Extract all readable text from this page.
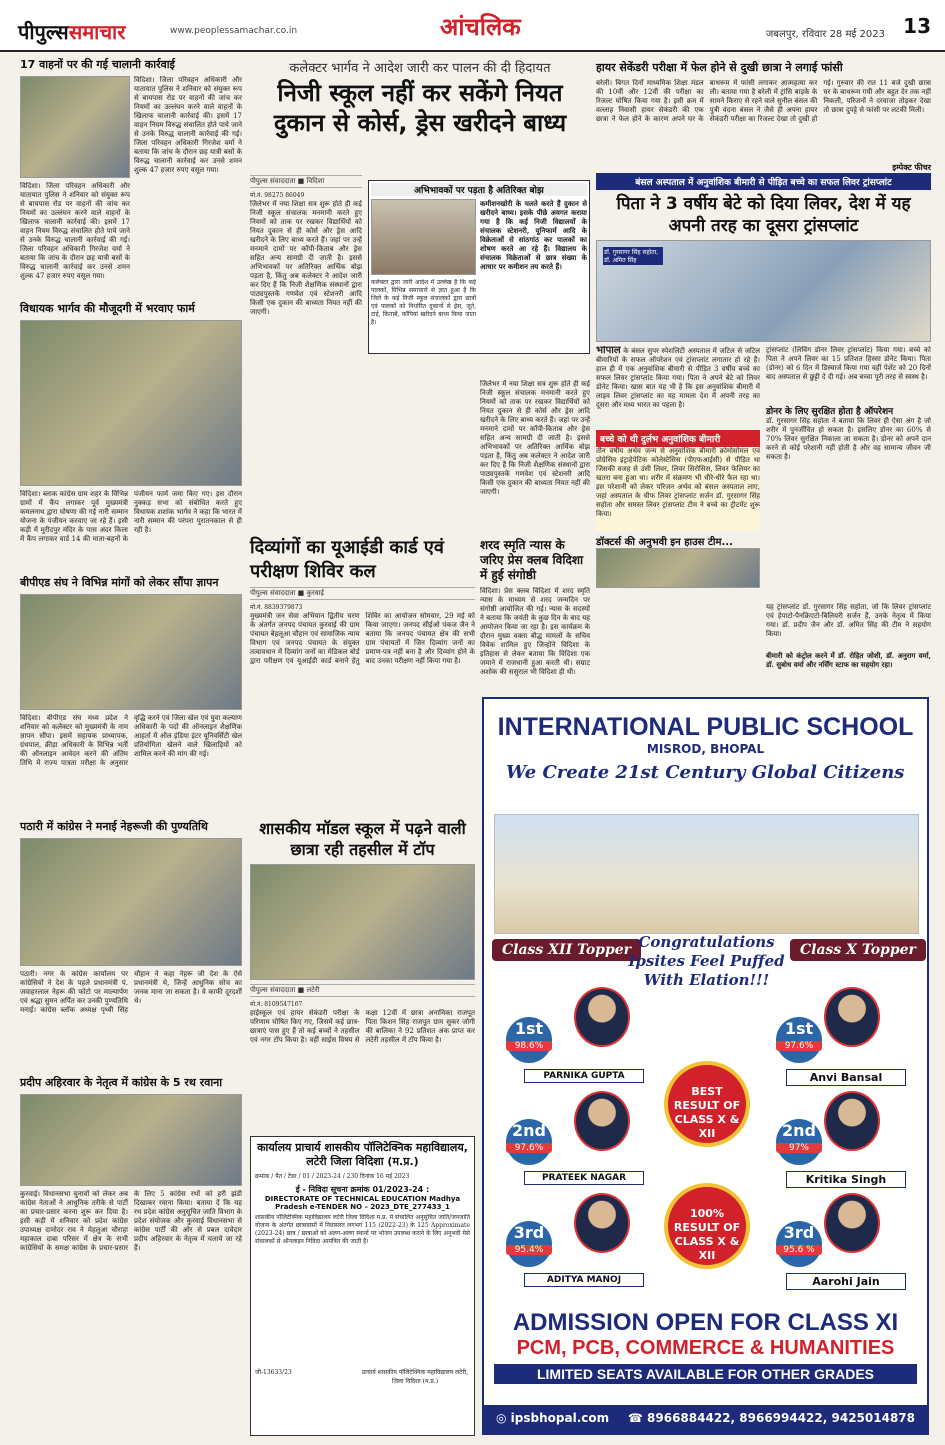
पीपुल्ससमाचार	www.peoplessamachar.co.in	आंचलिक	जबलपुर, रविवार 28 मई 2023 13
17 वाहनों पर की गई चालानी कार्रवाई
विदिशा। जिला परिवहन अधिकारी और यातायात पुलिस ने शनिवार को संयुक्त रूप से बायपास रोड पर वाहनों की जांच कर नियमों का उल्लंघन करने वाले वाहनों के खिलाफ चालानी कार्रवाई की। इसमें 17 वाहन नियम विरुद्ध संचालित होते पाये जाने से उनके विरुद्ध चालानी कार्रवाई की गई। जिला परिवहन अधिकारी गिरजेश वर्मा ने बताया कि जांच के दौरान छह यात्री बसों के विरुद्ध चालानी कार्रवाई कर उनसे शमन शुल्क 47 हजार रुपए वसूल गया।
विदिशा। जिला परिवहन अधिकारी और यातायात पुलिस ने शनिवार को संयुक्त रूप से बायपास रोड पर वाहनों की जांच कर नियमों का उल्लंघन करने वाले वाहनों के खिलाफ चालानी कार्रवाई की। इसमें 17 वाहन नियम विरुद्ध संचालित होते पाये जाने से उनके विरुद्ध चालानी कार्रवाई की गई। जिला परिवहन अधिकारी गिरजेश वर्मा ने बताया कि जांच के दौरान छह यात्री बसों के विरुद्ध चालानी कार्रवाई कर उनसे शमन शुल्क 47 हजार रुपए वसूल गया।
विधायक भार्गव की मौजूदगी में भरवाए फार्म
विदिशा। ब्लाक कांग्रेस ग्राम शहर के विभिन्न ग्रामों में कैंप लगाकर पूर्व मुख्यमंत्री कमलनाथ द्वारा घोषणा की गई नारी सम्मान योजना के पंजीयन करवाए जा रहे हैं। इसी कड़ी में मुरीदपुर मंदिर के पास अंदर किला में कैंप लगाकर वार्ड 14 की माता-बहनों के पंजीयन फार्म जमा किए गए। इस दौरान नुक्कड़ सभा को संबोधित करते हुए विधायक शशांक भार्गव ने कहा कि भारत में नारी सम्मान की परंपरा पुरातनकाल से ही रही है।
बीपीएड संघ ने विभिन्न मांगों को लेकर सौंपा ज्ञापन
विदिशा। बीपीएड संघ मध्य प्रदेश ने शनिवार को कलेक्टर को मुख्यमंत्री के नाम ज्ञापन सौंपा। इसमें सहायक प्राध्यापक, ग्रंथपाल, क्रीड़ा अधिकारी के विभिन्न भर्ती की ऑनलाइन आवेदन करने की अंतिम तिथि में राज्य पात्रता परीक्षा के अनुसार वृद्धि करने एवं जिला खेल एवं युवा कल्याण अधिकारी के पदों की ऑनलाइन शैक्षणिक आहर्ता में ऑल इंडिया इंटर यूनिवर्सिटी खेल प्रतियोगिता खेलने वाले खिलाड़ियों को शामिल करने की मांग की गई।
पठारी में कांग्रेस ने मनाई नेहरूजी की पुण्यतिथि
पठारी। नगर के कांग्रेस कार्यालय पर कांग्रेसियों ने देश के पहले प्रधानमंत्री पं. जवाहरलाल नेहरू की फोटो पर माल्यार्पण एवं श्रद्धा सुमन अर्पित कर उनकी पुण्यतिथि मनाई। कांग्रेस ब्लॉक अध्यक्ष पृथ्वी सिंह चौहान ने कहा नेहरू जी देश के ऐसे प्रधानमंत्री थे, जिन्हें आधुनिक सोच का जनक माना जा सकता है। वे काफी दूरदर्शी थे।
प्रदीप अहिरवार के नेतृत्व में कांग्रेस के 5 रथ रवाना
कुरवाई। विधानसभा चुनावों को लेकर अब कांग्रेस नेताओं ने आधुनिक तरीके से पार्टी का प्रचार-प्रसार करना शुरू कर दिया है। इसी कड़ी में शनिवार को प्रदेश कांग्रेस उपाध्यक्ष दामोदर राव ने मेहलुआ चौराहा महाकाल दाबा परिसर में क्षेत्र के सभी कांग्रेसियों के समक्ष कांग्रेस के प्रचार-प्रसार के लिए 5 कांग्रेस रथों को हरी झंडी दिखाकर रवाना किया। बताया दें कि यह रथ प्रदेश कांग्रेस अनुसूचित जाति विभाग के प्रदेश संयोजक और कुरवाई विधानसभा से कांग्रेस पार्टी की ओर से प्रबल दावेदार प्रदीप अहिरवार के नेतृत्व में चलाये जा रहे हैं।
कलेक्टर भार्गव ने आदेश जारी कर पालन की दी हिदायत
निजी स्कूल नहीं कर सकेंगे नियत दुकान से कोर्स, ड्रेस खरीदने बाध्य
पीपुल्स संवाददाता ■ विदिशा
मो.नं. 98275 86049
जिलेभर में नया शिक्षा सत्र शुरू होते ही कई निजी स्कूल संचालक मनमानी करते हुए नियमों को ताक पर रखकर विद्यार्थियों को नियत दुकान से ही कोर्स और ड्रेस आदि खरीदने के लिए बाध्य करते हैं। जहां पर उन्हें मनमाने दामों पर कॉपी-किताब और ड्रेस सहित अन्य सामग्री दी जाती है। इससे अभिभावकों पर अतिरिक्त आर्थिक बोझ पड़ता है, किंतु अब कलेक्टर ने आदेश जारी कर दिए हैं कि निजी शैक्षणिक संस्थानों द्वारा पाठ्यपुस्तकें गणवेश एवं स्टेशनरी आदि किसी एक दुकान की बाध्यता नियत नहीं की जाएगी।
अभिभावकों पर पड़ता है अतिरिक्त बोझ
कलेक्टर द्वारा जारी आदेश में उल्लेख है कि कई पालकों, विभिन्न समाचारों से ज्ञात हुआ है कि जिले के कई निजी स्कूल संचालकों द्वारा छात्रों एवं पालकों को निर्धारित दुकानों से ड्रेस, जूते, टाई, किताबें, कॉपियां खरीदने बाध्य किया जाता है।
कमीशनखोरी के चलते करते हैं दुकान से खरीदने बाध्य। इसके पीछे अवगत कराया गया है कि कई निजी विद्यालयों के संचालक स्टेशनरी, यूनिफार्म आदि के विक्रेताओं से सांठगांठ कर पालकों का शोषण करते आ रहे हैं। विद्यालय के संचालक विक्रेताओं से छात्र संख्या के आधार पर कमीशन तय करते हैं।
दिव्यांगों का यूआईडी कार्ड एवं परीक्षण शिविर कल
पीपुल्स संवाददाता ■ कुरवाई
मो.नं. 8839379873
मुख्यमंत्री जन सेवा अभियान द्वितीय चरण के अंतर्गत जनपद पंचायत कुरवाई की ग्राम पंचायत बेहलूआ चौहान एवं सामाजिक न्याय विभाग एवं जनपद पंचायत के संयुक्त तत्वावधान में दिव्यांग जनों का मेडिकल बोर्ड द्वारा परीक्षण एवं यूआईडी कार्ड बनाने हेतु शिविर का आयोजन सोमवार, 29 मई को किया जाएगा। जनपद सीईओ पंकज जैन ने बताया कि जनपद पंचायत क्षेत्र की सभी ग्राम पंचायतों में जिन दिव्यांग जनों का प्रमाण-पत्र नहीं बना है और दिव्यांग होने के बाद उनका परीक्षण नहीं किया गया है।
शासकीय मॉडल स्कूल में पढ़ने वाली छात्रा रही तहसील में टॉप
पीपुल्स संवाददाता ■ लटेरी
मो.नं. 8109547167
हाईस्कूल एवं हायर सेकंडरी परीक्षा के परिणाम घोषित किए गए, जिसमें कई छात्र-छात्राएं पास हुए हैं तो कई बच्चों ने तहसील एवं नगर टॉप किया है। वहीं साईस विषय से कक्षा 12वीं में छात्रा अनामिका राजपूत पिता किशन सिंह राजपूत ग्राम सुकर जोगी की बालिका ने 92 प्रतिशत अंक प्राप्त कर लटेरी तहसील में टॉप किया है।
कार्यालय प्राचार्य शासकीय पॉलिटेक्निक महाविद्यालय, लटेरी जिला विदिशा (म.प्र.)
क्रमांक / पैत / टेंडर / 01 / 2023-24 / 230 दिनांक 16 मई 2023
ई - निविदा सूचना क्रमांक 01/2023-24 :
DIRECTORATE OF TECHNICAL EDUCATION Madhya Pradesh e-TENDER NO – 2023_DTE_277433_1
शासकीय पॉलिटेक्निक महाविद्यालय लटेरी जिला विदिशा म.प्र. मे संचालित अनुसूचित जाति/जनजाति योजना के अंतर्गत छात्रावासों में निवासरत लगभग 115 (2022-23) के 125 Approximate (2023-24) छात्र / छात्राओं को अलग-अलग स्थानों पर भोजन उपलब्ध कराने के लिए अनुभवी मेसे संचालकों से ऑनलाइन निविदा आमंत्रित की जाती है।
जी-13633/23	प्राचार्य शासकीय पॉलिटेक्निक महाविद्यालय लटेरी, जिला विदिशा (म.प्र.)
जिलेभर में नया शिक्षा सत्र शुरू होते ही कई निजी स्कूल संचालक मनमानी करते हुए नियमों को ताक पर रखकर विद्यार्थियों को नियत दुकान से ही कोर्स और ड्रेस आदि खरीदने के लिए बाध्य करते हैं। जहां पर उन्हें मनमाने दामों पर कॉपी-किताब और ड्रेस सहित अन्य सामग्री दी जाती है। इससे अभिभावकों पर अतिरिक्त आर्थिक बोझ पड़ता है, किंतु अब कलेक्टर ने आदेश जारी कर दिए हैं कि निजी शैक्षणिक संस्थानों द्वारा पाठ्यपुस्तकें गणवेश एवं स्टेशनरी आदि किसी एक दुकान की बाध्यता नियत नहीं की जाएगी।
शरद स्मृति न्यास के जरिए प्रेस क्लब विदिशा में हुई संगोष्ठी
विदिशा। प्रेस क्लब विदिशा में शरद स्मृति न्यास के माध्यम से शरद जन्मदिन पर संगोष्ठी आयोजित की गई। न्यास के सदस्यों ने बताया कि जयंती के कुछ दिन के बाद यह आयोजन किया जा रहा है। इस कार्यक्रम के दौरान मुख्य वक्ता बौद्ध मामलों के सचिव विवेक शामिल हुए जिन्होंने विदिशा के इतिहास से लेकर बताया कि विदिशा एक जमाने में राजधानी हुआ करती थी। सम्राट अशोक की ससुराल भी विदिशा ही थी।
हायर सेकेंडरी परीक्षा में फेल होने से दुखी छात्रा ने लगाई फांसी
बरेली। बिगत दिनों माध्यमिक शिक्षा मंडल की 10वीं और 12वीं की परीक्षा का रिजल्ट घोषित किया गया है। इसी क्रम में वल्लाह निवासी हायर सेकंडरी की एक छात्रा ने फेल होने के कारण अपने घर के बाथरूम में फांसी लगाकर आत्महत्या कर ली। बताया गया है बरेली में ट्रांसि बाड़के के सामने किराए से रहने वाले सुनील बंसल की पुत्री वंदना बंसल ने जैसे ही अपना हायर सेकंडरी परीक्षा का रिजल्ट देखा तो दुखी हो गई। गुरुवार की रात 11 बजे दुखी छात्रा घर के बाथरूम गयी और बहुत देर तक नहीं निकली, परिजनों ने दरवाजा तोड़कर देखा तो छात्रा दुपट्टे से फांसी पर लटकी मिली।
इम्पेक्ट फीचर
बंसल अस्पताल में अनुवांशिक बीमारी से पीड़ित बच्चे का सफल लिवर ट्रांसप्लांट
पिता ने 3 वर्षीय बेटे को दिया लिवर, देश में यह अपनी तरह का दूसरा ट्रांसप्लांट
डॉ. गुरसागर सिंह सहोता, डॉ. अमित सिंह
भोपाल के बंसल सुपर स्पेशलिटी अस्पताल में जटिल से जटिल बीमारियों के सफल ऑपरेशन एवं ट्रांसप्लांट लगातार हो रहे हैं। हाल ही में एक अनुवांशिक बीमारी से पीड़ित 3 वर्षीय बच्चे का सफल लिवर ट्रांसप्लांट किया गया। पिता ने अपने बेटे को लिवर डोनेट किया। खास बात यह भी है कि इस अनुवांशिक बीमारी में लाइव लिवर ट्रांसप्लांट का यह मामला देश में अपनी तरह का दूसरा और मध्य भारत का पहला है।
बच्चे को थी दुर्लभ अनुवांशिक बीमारी
तीन वर्षीय अर्थव जन्म से अनुवांशिक बीमारी क्रोमोसोमल एवं प्रोग्रेसिव इंट्राहेपेटिक कोलेस्टेसिस (पीएफआईसी) से पीड़ित था जिसकी वजह से उसी लिवर, लिवर सिरोसिस, लिवर फेलियर का खतरा बना हुआ था। शरीर में संक्रमण भी धीरे-धीरे फैल रहा था। इस परेशानी को लेकर परिजन अर्थव को बंसल अस्पताल लाए, जहां अस्पताल के चीफ लिवर ट्रांसप्लांट सर्जन डॉ. गुरसागर सिंह सहोता और समस्त लिवर ट्रांसप्लांट टीम ने बच्चे का ट्रीटमेंट शुरू किया।
डॉक्टर्स की अनुभवी इन हाउस टीम...
ट्रांसप्लांट (लिविंग डोनर लिवर ट्रांसप्लांट) किया गया। बच्चे को पिता ने अपने लिवर का 15 प्रतिशत हिस्सा डोनेट किया। पिता (डोनर) को 6 दिन में डिस्चार्ज किया गया वहीं पेशेंट को 20 दिनों बाद अस्पताल से छुट्टी दे दी गई। अब बच्चा पूरी तरह से स्वस्थ है।
डोनर के लिए सुरक्षित होता है ऑपरेशन
डॉ. गुरसागर सिंह सहोता ने बताया कि लिवर ही ऐसा अंग है जो शरीर में पुनर्जीवित हो सकता है। इसलिए डोनर का 60% से 70% लिवर सुरक्षित निकाला जा सकता है। डोनर को अपने दान करने से कोई परेशानी नहीं होती है और वह सामान्य जीवन जी सकता है।
यह ट्रांसप्लांट डॉ. गुरसागर सिंह सहोता, जो कि लिवर ट्रांसप्लांट एवं हेपाटो-पैनक्रिएटो-बिलियरी सर्जन हैं, उनके नेतृत्व में किया गया। डॉ. प्रदीप जैन और डॉ. अमित सिंह की टीम ने सहयोग किया।
बीमारी को कंट्रोल करने में डॉ. रोहित जोशी, डॉ. अनुराग वर्मा, डॉ. सुबोध वर्मा और नर्सिंग स्टाफ का सहयोग रहा।
INTERNATIONAL PUBLIC SCHOOL
MISROD, BHOPAL
We Create 21st Century Global Citizens
Class XII Topper	Class X Topper
Congratulations Ipsites Feel Puffed With Elation!!!
1st
98.6%
PARNIKA GUPTA
2nd
97.6%
PRATEEK NAGAR
3rd
95.4%
ADITYA MANOJ
BEST RESULT OF CLASS X & XII
100% RESULT OF CLASS X & XII
1st
97.6%
Anvi Bansal
2nd
97%
Kritika Singh
3rd
95.6 %
Aarohi Jain
ADMISSION OPEN FOR CLASS XI
PCM, PCB, COMMERCE & HUMANITIES
LIMITED SEATS AVAILABLE FOR OTHER GRADES
◎ ipsbhopal.com ☎ 8966884422, 8966994422, 9425014878
